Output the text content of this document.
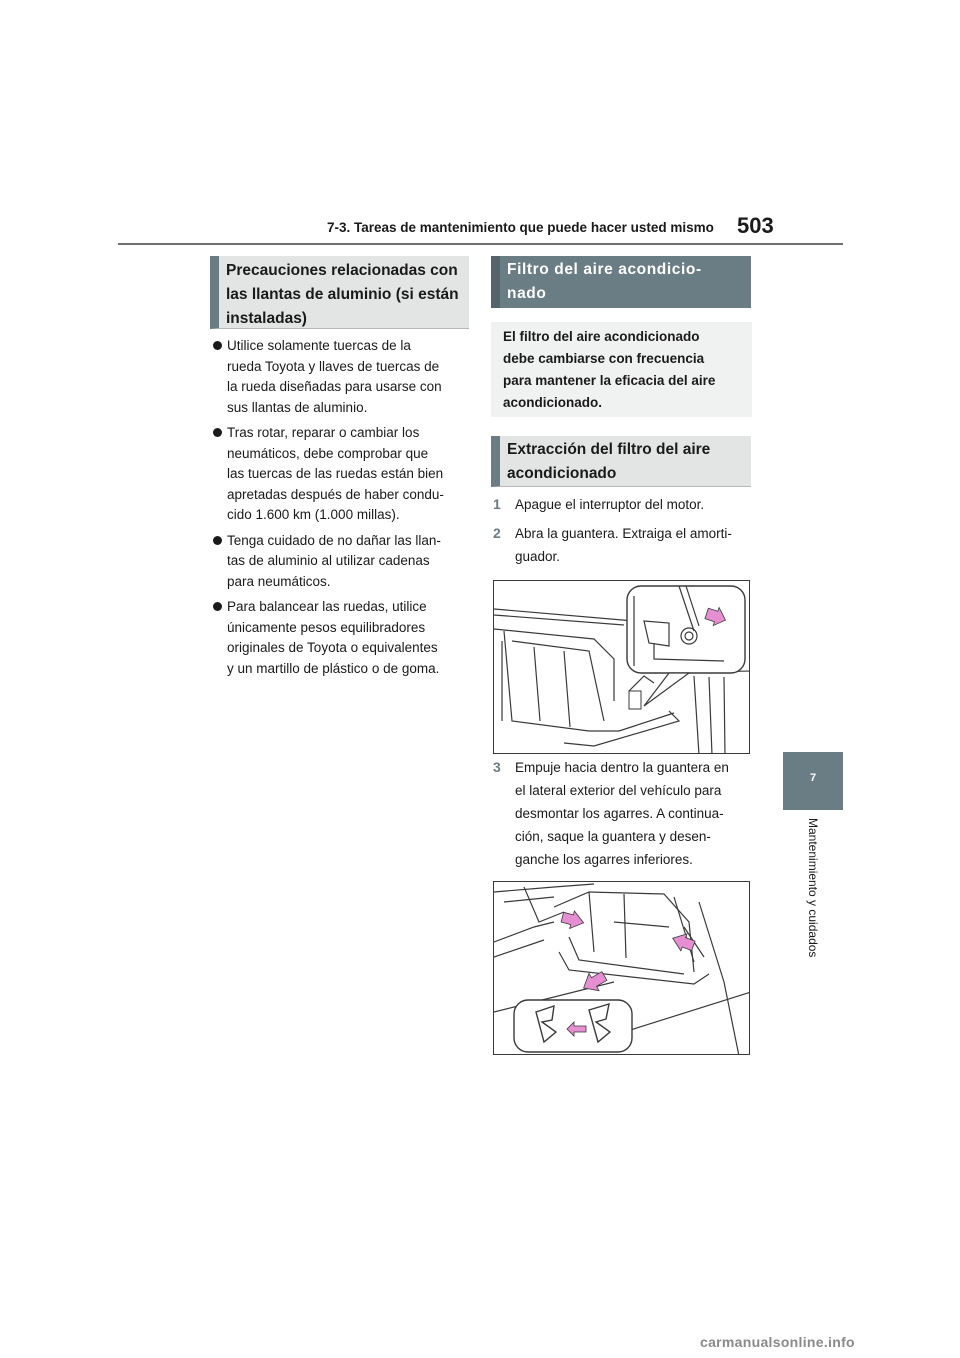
7-3. Tareas de mantenimiento que puede hacer usted mismo 503
7
Mantenimiento y cuidados
Precauciones relacionadas con
las llantas de aluminio (si están
instaladas)
Utilice solamente tuercas de la
rueda Toyota y llaves de tuercas de
la rueda diseñadas para usarse con
sus llantas de aluminio.
Tras rotar, reparar o cambiar los
neumáticos, debe comprobar que
las tuercas de las ruedas están bien
apretadas después de haber condu-
cido 1.600 km (1.000 millas).
Tenga cuidado de no dañar las llan-
tas de aluminio al utilizar cadenas
para neumáticos.
Para balancear las ruedas, utilice
únicamente pesos equilibradores
originales de Toyota o equivalentes
y un martillo de plástico o de goma.
Filtro del aire acondicio-
nado

El filtro del aire acondicionado

debe cambiarse con frecuencia

para mantener la eficacia del aire

acondicionado.

Extracción del filtro del aire
acondicionado
1 Apague el interruptor del motor.
2 Abra la guantera. Extraiga el amorti-
guador.
3 Empuje hacia dentro la guantera en
el lateral exterior del vehículo para
desmontar los agarres. A continua-
ción, saque la guantera y desen-
ganche los agarres inferiores.
carmanualsonline.info
